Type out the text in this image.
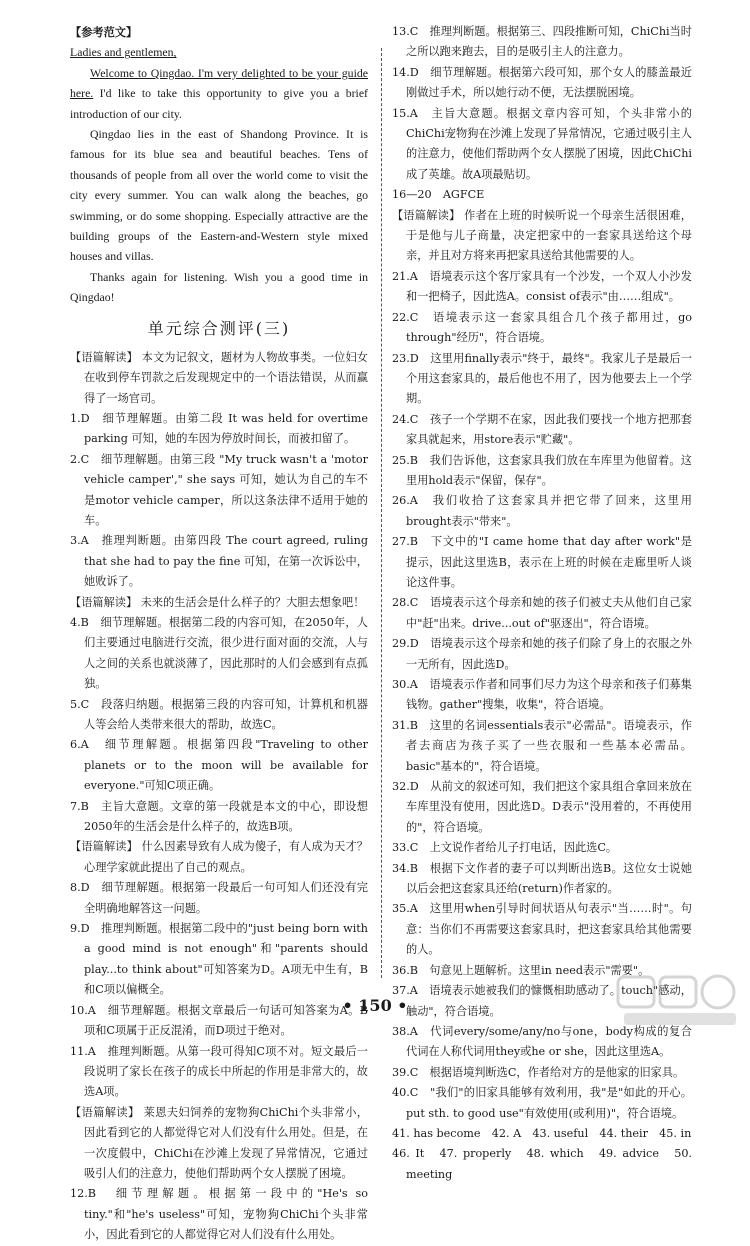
【参考范文】

Ladies and gentlemen,

Welcome to Qingdao. I'm very delighted to be your guide here. I'd like to take this opportunity to give you a brief introduction of our city.

Qingdao lies in the east of Shandong Province. It is famous for its blue sea and beautiful beaches. Tens of thousands of people from all over the world come to visit the city every summer. You can walk along the beaches, go swimming, or do some shopping. Especially attractive are the building groups of the Eastern-and-Western style mixed houses and villas.

Thanks again for listening. Wish you a good time in Qingdao!

单元综合测评(三)

【语篇解读】 本文为记叙文，题材为人物故事类。一位妇女在收到停车罚款之后发现规定中的一个语法错误，从而赢得了一场官司。

1.D　细节理解题。由第二段 It was held for overtime parking 可知，她的车因为停放时间长，而被扣留了。

2.C　细节理解题。由第三段 "My truck wasn't a 'motor vehicle camper'," she says 可知，她认为自己的车不是motor vehicle camper，所以这条法律不适用于她的车。

3.A　推理判断题。由第四段 The court agreed, ruling that she had to pay the fine 可知，在第一次诉讼中，她败诉了。

【语篇解读】 未来的生活会是什么样子的？大胆去想象吧！

4.B　细节理解题。根据第二段的内容可知，在2050年，人们主要通过电脑进行交流，很少进行面对面的交流，人与人之间的关系也就淡薄了，因此那时的人们会感到有点孤独。

5.C　段落归纳题。根据第三段的内容可知，计算机和机器人等会给人类带来很大的帮助，故选C。

6.A　细节理解题。根据第四段"Traveling to other planets or to the moon will be available for everyone."可知C项正确。

7.B　主旨大意题。文章的第一段就是本文的中心，即设想2050年的生活会是什么样子的，故选B项。

【语篇解读】 什么因素导致有人成为傻子，有人成为天才？心理学家就此提出了自己的观点。

8.D　细节理解题。根据第一段最后一句可知人们还没有完全明确地解答这一问题。

9.D　推理判断题。根据第二段中的"just being born with a good mind is not enough"和"parents should play...to think about"可知答案为D。A项无中生有，B和C项以偏概全。

10.A　细节理解题。根据文章最后一句话可知答案为A。B项和C项属于正反混淆，而D项过于绝对。

11.A　推理判断题。从第一段可得知C项不对。短文最后一段说明了家长在孩子的成长中所起的作用是非常大的，故选A项。

【语篇解读】 莱恩夫妇饲养的宠物狗ChiChi个头非常小，因此看到它的人都觉得它对人们没有什么用处。但是，在一次度假中，ChiChi在沙滩上发现了异常情况，它通过吸引人们的注意力，使他们帮助两个女人摆脱了困境。

12.B　细节理解题。根据第一段中的"He's so tiny."和"he's useless"可知，宠物狗ChiChi个头非常小，因此看到它的人都觉得它对人们没有什么用处。

13.C　推理判断题。根据第三、四段推断可知，ChiChi当时之所以跑来跑去，目的是吸引主人的注意力。

14.D　细节理解题。根据第六段可知，那个女人的膝盖最近刚做过手术，所以她行动不便，无法摆脱困境。

15.A　主旨大意题。根据文章内容可知，个头非常小的ChiChi宠物狗在沙滩上发现了异常情况，它通过吸引主人的注意力，使他们帮助两个女人摆脱了困境，因此ChiChi成了英雄。故A项最贴切。

16—20　AGFCE

【语篇解读】 作者在上班的时候听说一个母亲生活很困难，于是他与儿子商量，决定把家中的一套家具送给这个母亲，并且对方将来再把家具送给其他需要的人。

21.A　语境表示这个客厅家具有一个沙发，一个双人小沙发和一把椅子，因此选A。consist of表示"由……组成"。

22.C　语境表示这一套家具组合几个孩子都用过，go through"经历"，符合语境。

23.D　这里用finally表示"终于，最终"。我家儿子是最后一个用这套家具的，最后他也不用了，因为他要去上一个学期。

24.C　孩子一个学期不在家，因此我们要找一个地方把那套家具就起来，用store表示"贮藏"。

25.B　我们告诉他，这套家具我们放在车库里为他留着。这里用hold表示"保留，保存"。

26.A　我们收拾了这套家具并把它带了回来，这里用brought表示"带来"。

27.B　下文中的"I came home that day after work"是提示，因此这里选B，表示在上班的时候在走廊里听人谈论这件事。

28.C　语境表示这个母亲和她的孩子们被丈夫从他们自己家中"赶"出来。drive...out of"驱逐出"，符合语境。

29.D　语境表示这个母亲和她的孩子们除了身上的衣服之外一无所有，因此选D。

30.A　语境表示作者和同事们尽力为这个母亲和孩子们募集钱物。gather"搜集，收集"，符合语境。

31.B　这里的名词essentials表示"必需品"。语境表示，作者去商店为孩子买了一些衣服和一些基本必需品。basic"基本的"，符合语境。

32.D　从前文的叙述可知，我们把这个家具组合拿回来放在车库里没有使用，因此选D。D表示"没用着的，不再使用的"，符合语境。

33.C　上文说作者给儿子打电话，因此选C。

34.B　根据下文作者的妻子可以判断出选B。这位女士说她以后会把这套家具还给(return)作者家的。

35.A　这里用when引导时间状语从句表示"当……时"。句意：当你们不再需要这套家具时，把这套家具给其他需要的人。

36.B　句意见上题解析。这里in need表示"需要"。

37.A　语境表示她被我们的慷慨相助感动了。touch"感动，触动"，符合语境。

38.A　代词every/some/any/no与one，body构成的复合代词在人称代词用they或he or she，因此这里选A。

39.C　根据语境判断选C，作者给对方的是他家的旧家具。

40.C　"我们"的旧家具能够有效利用，我"是"如此的开心。put sth. to good use"有效使用(或利用)"，符合语境。

41. has become　42. A　43. useful　44. their　45. in

46. It　47. properly　48. which　49. advice　50. meeting

• 150 •
